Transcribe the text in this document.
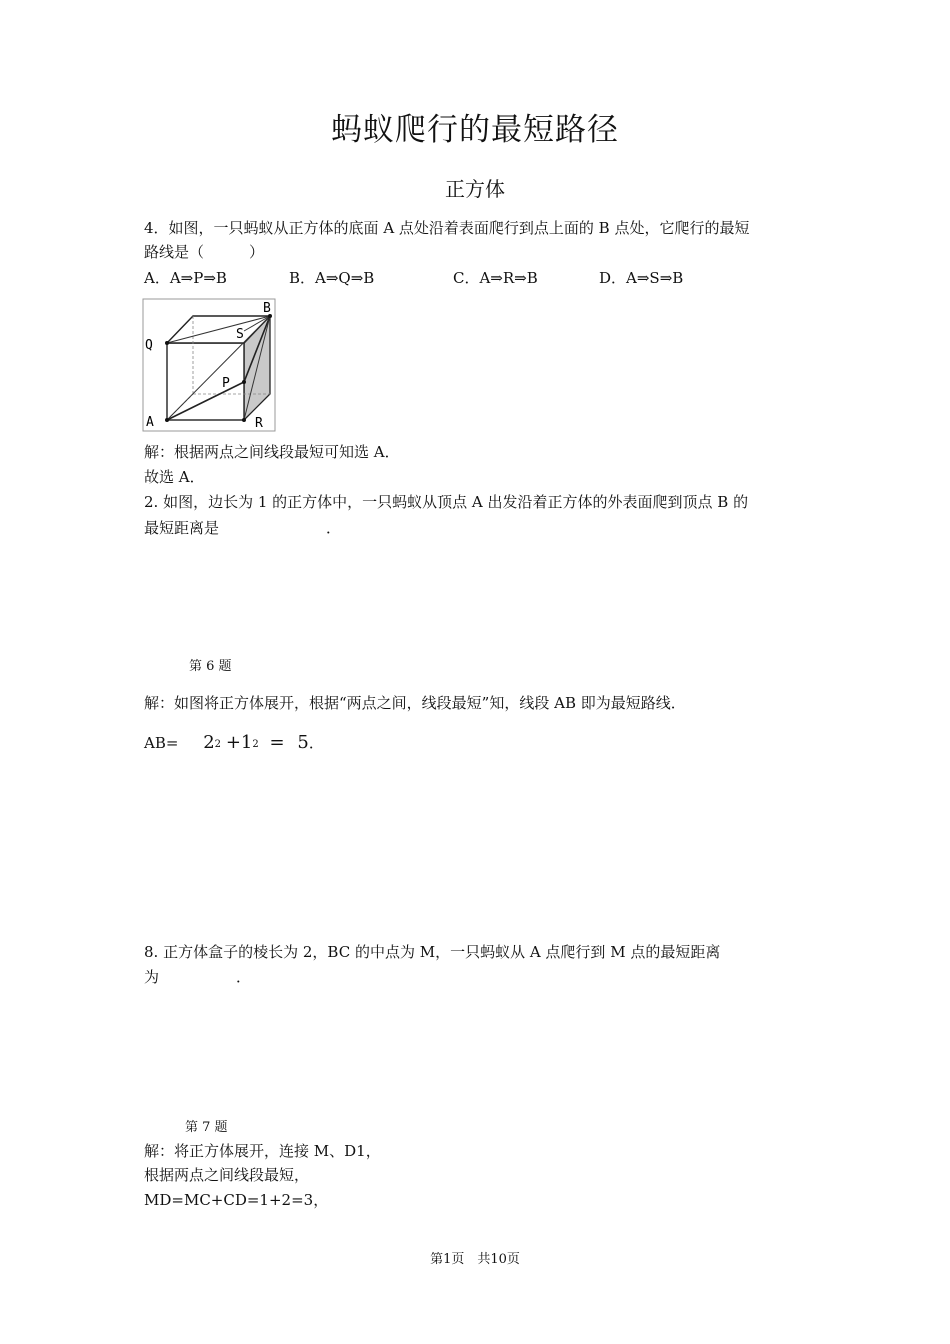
蚂蚁爬行的最短路径
正方体
4．如图，一只蚂蚁从正方体的底面 A 点处沿着表面爬行到点上面的 B 点处，它爬行的最短
路线是（　　　）
A．A⇒P⇒B	B．A⇒Q⇒B	C．A⇒R⇒B	D．A⇒S⇒B
A
Q
B
S
P
R
解：根据两点之间线段最短可知选 A．
故选 A．
2. 如图，边长为 1 的正方体中，一只蚂蚁从顶点 A 出发沿着正方体的外表面爬到顶点 B 的
最短距离是	．
第 6 题
解：如图将正方体展开，根据“两点之间，线段最短”知，线段 AB 即为最短路线．
AB= 22 +12 = 5．
8. 正方体盒子的棱长为 2，BC 的中点为 M，一只蚂蚁从 A 点爬行到 M 点的最短距离
为	．
第 7 题
解：将正方体展开，连接 M、D1，
根据两点之间线段最短，
MD=MC+CD=1+2=3，
第1页　共10页
